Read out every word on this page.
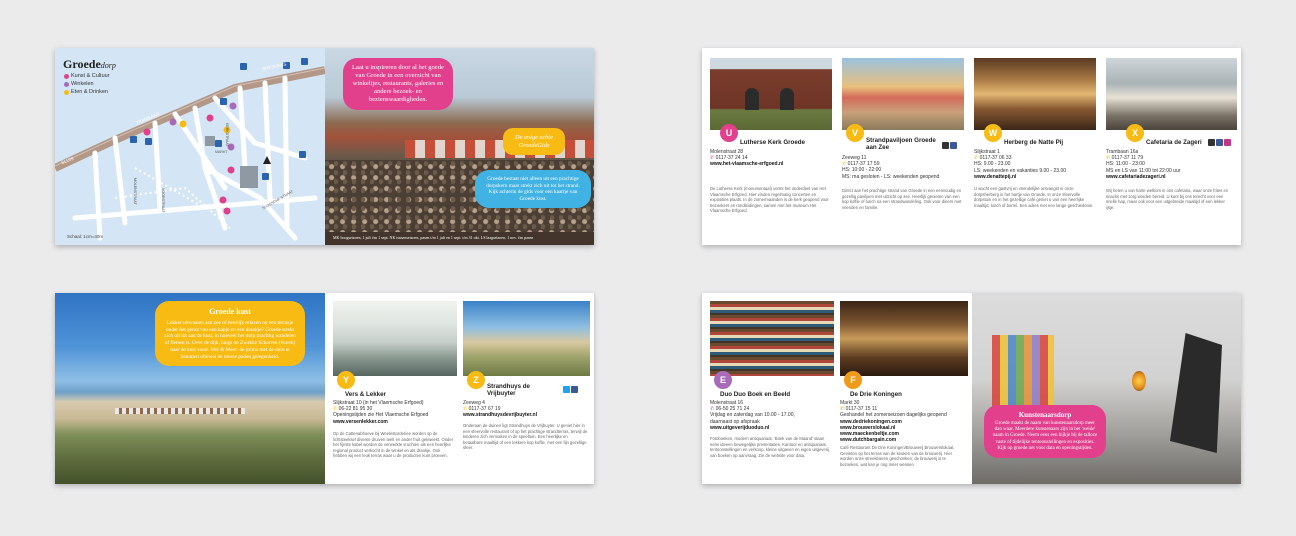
Groededorp
Kunst & Cultuur
Winkelen
Eten & Drinken
BRESKENS
TRAMBAAN
SLUIS
KERKSTRAAT
MARKT
VOORSTRAAT
MOLENSTRAAT	SLUISSCHE STRAAT
Schaal: 1cm=40m
Laat u inspireren door al het goede van Groede in een overzicht van winkeltjes, restaurants, galeries en andere bezoek- en bezienswaardigheden.
De enige echte GroedeGids
Groede bestaat niet alleen uit een prachtige dorpskern maar strekt zich uit tot het strand. Kijk achterin de gids voor een kaartje van Groede kust.
MK hoogseizoen, 1 juli t/m 1 sept. NK tussenseizoen, pasen t/m 1 juli en 1 sept. t/m 31 okt. LS laagseizoen, 1 nov. t/m pasen
U
Lutherse Kerk Groede
Molenstraat 28
✆ 0117-37 24 14
www.het-vlaamsche-erfgoed.nl
De Lutherse Kerk (monumentaal) vormt het onderdeel van Het Vlaamsche Erfgoed. Hier vinden regelmatig concerten en exposities plaats. In de zomermaanden is de kerk geopend voor bezoekers en rondleidingen, samen met het museum Het Vlaamsche Erfgoed.
V
Strandpaviljoen Groede aan Zee
Zeeweg 11
✆ 0117-37 17 59
HS: 10:00 - 22:00
MS: ma gesloten - LS: weekenden geopend
Direct aan het prachtige strand van Groede in een eenvoudig en gezellig paviljoen met uitzicht op zee. Heerlijk genieten van een kop koffie of lunch na een strandwandeling. Ook voor diners met vrienden en familie.
W
Herberg de Natte Pij
Slijkstraat 1
✆ 0117-37 06 33
HS: 9.00 - 23.00
LS: weekenden en vakanties 9.00 - 23.00
www.denattepij.nl
U wacht een gastvrij en vriendelijke ontvangst in onze dorpsherberg in het hartje van Groede. In onze sfeervolle dorpstuin en in het gezellige café geniet u van een heerlijke maaltijd, lunch of borrel. Een adres met een lange geschiedenis.
X
Cafetaria de Zageri
Trambaan 16a
✆ 0117-37 11 79
HS: 11:00 - 23:00
MS en LS van 11:00 tot 22:00 uur
www.cafetariadezageri.nl
Wij heten u van harte welkom in ons cafetaria, waar onze frites en snacks met zorg worden bereid. U kunt bij ons terecht voor een snelle hap, maar ook voor een uitgebreide maaltijd of een lekker ijsje.
Groede kust
Lekker uitwaaien aan zee of heerlijk relaxen op een terrasje onder het genot van een hapje en een drankje? Groede strekt zich uit tot aan de kust, in hoeveel het dorp prachtig wandelen of fietsen is. Over de dijk, langs de Zwakke Schorren (Kreek) naar de kust vaart. Wel & Meer: de prima met de duin te benutten oftewel de mooie paden gelegenheid.
Y
Vers & Lekker
Slijkstraat 10 (in het Vlaemsche Erfgoed)
✆ 06-22 81 95 30
Openingstijden zie Het Vlaemsche Erfgoed
www.versenlekker.com
Op de Cattenabhoeve bij Weelestorderiee worden op de lichtsteeksel diverse druiven teelt en ander fruit gekweekt. Onder het fijnste kabel worden de verwerkte vruchten als een heerlijke regional product verkocht in de winkel en als drankje. Ook hebben wij een leuk terras waar u de producten kunt proeven.
Z
Strandhuys de Vrijbuyter
Zeeweg 4
✆ 0117-37 67 19
www.strandhuysdevrijbuyter.nl
Onderaan de duinen ligt Strandhuys de Vrijbuyter. U geniet hier in een sfeervolle restaurant of op het prachtige strandterras, terwijl de kinderen zich vermaken in de speeltuin. Een heerlijke en betaalbare maaltijd of een lekkere kop koffie, met een fijn gezellige sfeer.
E
Duo Duo Boek en Beeld
Molenstraat 16
✆ 06-50 25 71 24
Vrijdag en zaterdag van 10.00 - 17.00,
daarnaast op afspraak
www.uitgeverijduoduo.nl
Fotoboeken, modern antiquariaat. 'Boek van de Maand' staan eens ideeen bewegelijke presentaties. Kantoor en antiquariaat, tentoonstellingen en verkoop, kleine uitgaven en eigen uitgeverij van boeken op aanvraag. Zie de website voor data.
F
De Drie Koningen
Markt 30
✆ 0117-37 15 11
Geshandel het zomerseizoen dagelijks geopend
www.dedriekoningen.com
www.brouwerslokaal.nl
www.maeckenbeltje.com
www.dutchbargain.com
Café Restaurant De Drie Koningen/Brouwerij Brouwerslokaal. Genieten op het terras van de keuken van de brouwerij. Hier worden onze streekbieren geschonken; de brouwerij is te bezoeken, wat kan je nog meer wensen.
Kunstenaarsdorp
Groede maakt de naam van kunstenaarsdorp meer dan waar. Meerdere kunstenaars zijn in het 'weide' naam in Groede. Neem eens een kijkje bij de talloze vaste of tijdelijke tentoonstellingen en exposities. Kijk op groede.net voor data en openingstijden.
